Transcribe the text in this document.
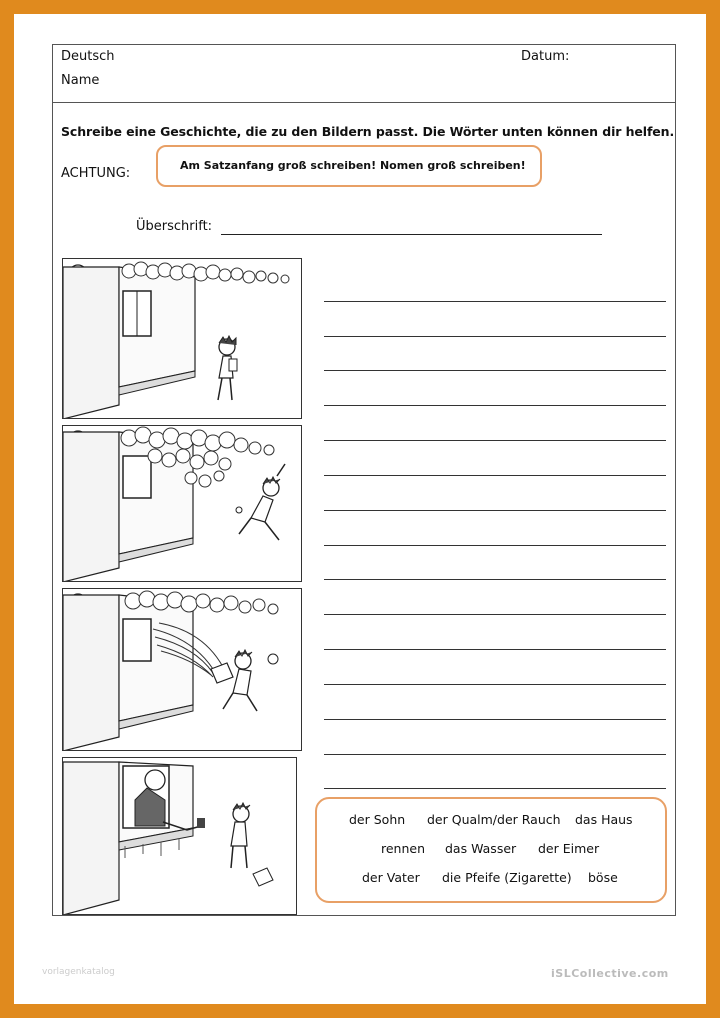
Deutsch
Name
Datum:
Schreibe eine Geschichte, die zu den Bildern passt. Die Wörter unten können dir helfen.
ACHTUNG:
Am Satzanfang groß schreiben! Nomen groß schreiben!
Überschrift:
der Sohn der Qualm/der Rauch das Haus
rennen das Wasser der Eimer
der Vater die Pfeife (Zigarette) böse
vorlagenkatalog	iSLCollective.com
